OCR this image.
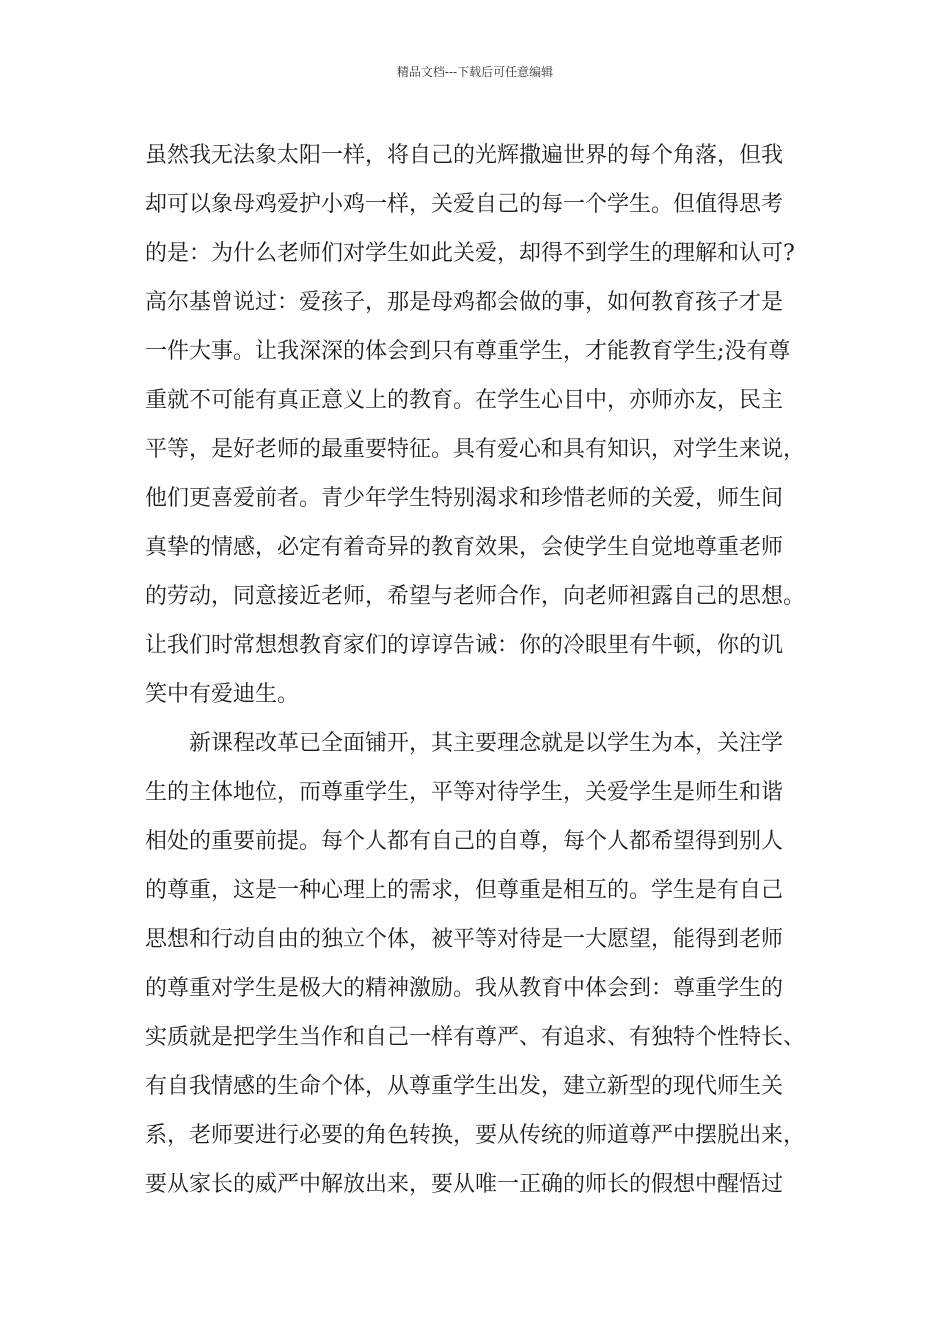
精品文档---下载后可任意编辑
虽然我无法象太阳一样，将自己的光辉撒遍世界的每个角落，但我
却可以象母鸡爱护小鸡一样，关爱自己的每一个学生。但值得思考
的是：为什么老师们对学生如此关爱，却得不到学生的理解和认可?
高尔基曾说过：爱孩子，那是母鸡都会做的事，如何教育孩子才是
一件大事。让我深深的体会到只有尊重学生，才能教育学生;没有尊
重就不可能有真正意义上的教育。在学生心目中，亦师亦友，民主
平等，是好老师的最重要特征。具有爱心和具有知识，对学生来说，
他们更喜爱前者。青少年学生特别渴求和珍惜老师的关爱，师生间
真挚的情感，必定有着奇异的教育效果，会使学生自觉地尊重老师
的劳动，同意接近老师，希望与老师合作，向老师袒露自己的思想。
让我们时常想想教育家们的谆谆告诫：你的冷眼里有牛顿，你的讥
笑中有爱迪生。
新课程改革已全面铺开，其主要理念就是以学生为本，关注学
生的主体地位，而尊重学生，平等对待学生，关爱学生是师生和谐
相处的重要前提。每个人都有自己的自尊，每个人都希望得到别人
的尊重，这是一种心理上的需求，但尊重是相互的。学生是有自己
思想和行动自由的独立个体，被平等对待是一大愿望，能得到老师
的尊重对学生是极大的精神激励。我从教育中体会到：尊重学生的
实质就是把学生当作和自己一样有尊严、有追求、有独特个性特长、
有自我情感的生命个体，从尊重学生出发，建立新型的现代师生关
系，老师要进行必要的角色转换，要从传统的师道尊严中摆脱出来，
要从家长的威严中解放出来，要从唯一正确的师长的假想中醒悟过
